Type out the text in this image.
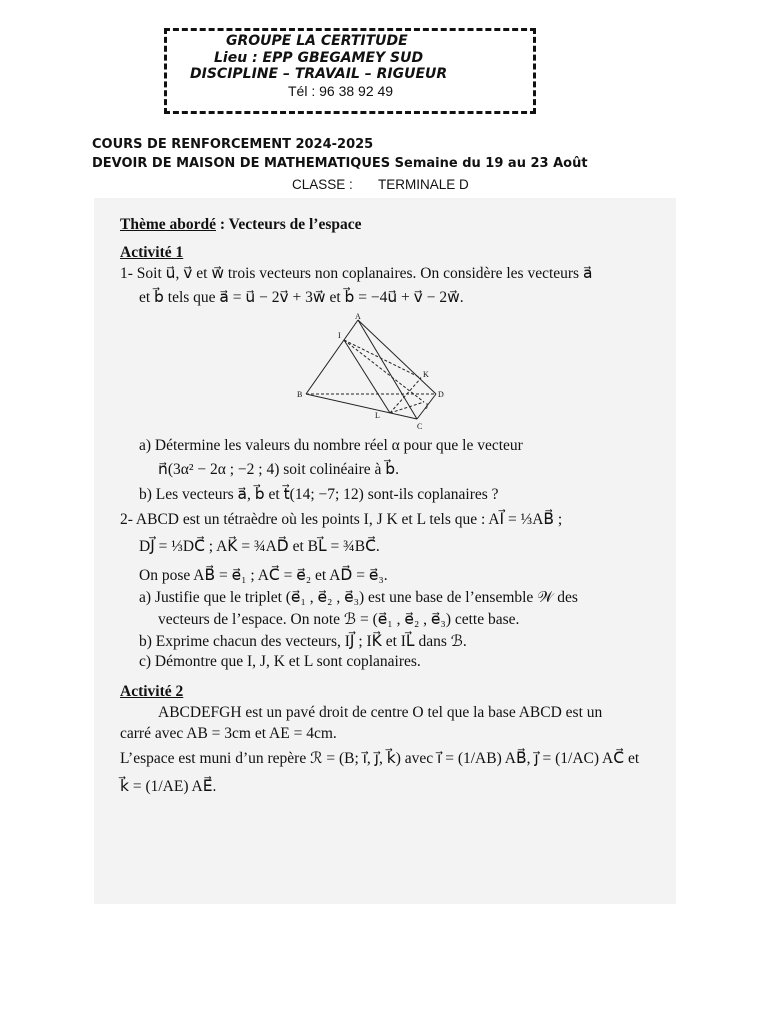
GROUPE LA CERTITUDE
Lieu : EPP GBEGAMEY SUD
DISCIPLINE – TRAVAIL – RIGUEUR
Tél : 96 38 92 49
COURS DE RENFORCEMENT 2024-2025
DEVOIR DE MAISON DE MATHEMATIQUES Semaine du 19 au 23 Août
CLASSE : TERMINALE D
Thème abordé : Vecteurs de l’espace
Activité 1
1- Soit u⃗, v⃗ et w⃗ trois vecteurs non coplanaires. On considère les vecteurs a⃗
et b⃗ tels que a⃗ = u⃗ − 2v⃗ + 3w⃗ et b⃗ = −4u⃗ + v⃗ − 2w⃗.
A
I
K
B	D
L
J
C
a) Détermine les valeurs du nombre réel α pour que le vecteur
n⃗(3α² − 2α ; −2 ; 4) soit colinéaire à b⃗.
b) Les vecteurs a⃗, b⃗ et t⃗(14; −7; 12) sont-ils coplanaires ?
2- ABCD est un tétraèdre où les points I, J K et L tels que : AI⃗ = ⅓AB⃗ ;
DJ⃗ = ⅓DC⃗ ; AK⃗ = ¾AD⃗ et BL⃗ = ¾BC⃗.
On pose AB⃗ = e⃗₁ ; AC⃗ = e⃗₂ et AD⃗ = e⃗₃.
a) Justifie que le triplet (e⃗₁ , e⃗₂ , e⃗₃) est une base de l’ensemble 𝒲 des
vecteurs de l’espace. On note ℬ = (e⃗₁ , e⃗₂ , e⃗₃) cette base.
b) Exprime chacun des vecteurs, IJ⃗ ; IK⃗ et IL⃗ dans ℬ.
c) Démontre que I, J, K et L sont coplanaires.
Activité 2
ABCDEFGH est un pavé droit de centre O tel que la base ABCD est un
carré avec AB = 3cm et AE = 4cm.
L’espace est muni d’un repère ℛ = (B; i⃗, j⃗, k⃗) avec i⃗ = (1/AB) AB⃗, j⃗ = (1/AC) AC⃗ et
k⃗ = (1/AE) AE⃗.
